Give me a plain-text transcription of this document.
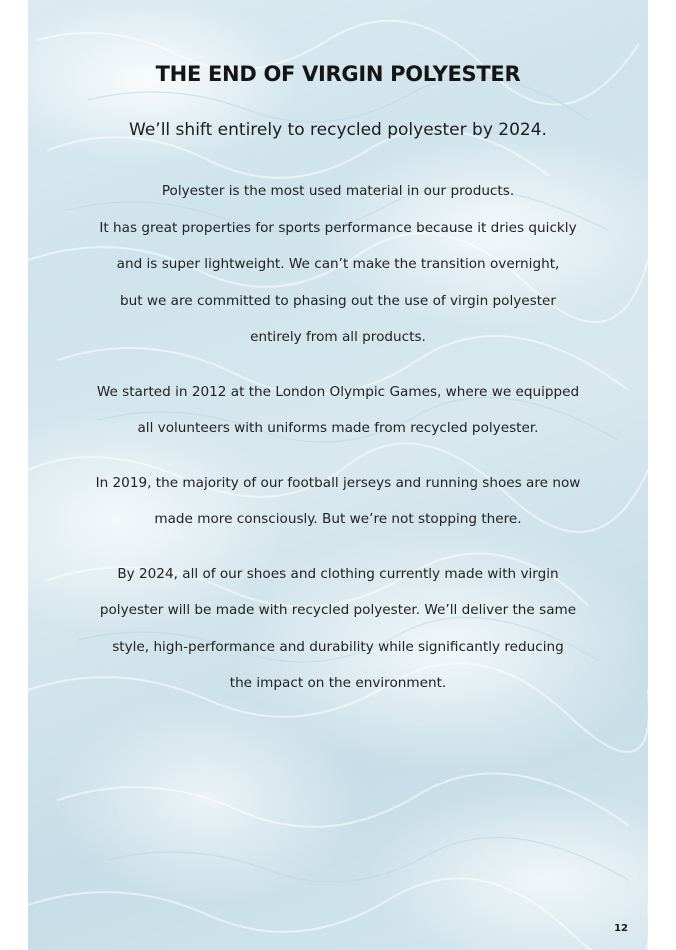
THE END OF VIRGIN POLYESTER
We’ll shift entirely to recycled polyester by 2024.
Polyester is the most used material in our products.
It has great properties for sports performance because it dries quickly
and is super lightweight. We can’t make the transition overnight,
but we are committed to phasing out the use of virgin polyester
entirely from all products.
We started in 2012 at the London Olympic Games, where we equipped
all volunteers with uniforms made from recycled polyester.
In 2019, the majority of our football jerseys and running shoes are now
made more consciously. But we’re not stopping there.
By 2024, all of our shoes and clothing currently made with virgin
polyester will be made with recycled polyester. We’ll deliver the same
style, high-performance and durability while significantly reducing
the impact on the environment.
12
